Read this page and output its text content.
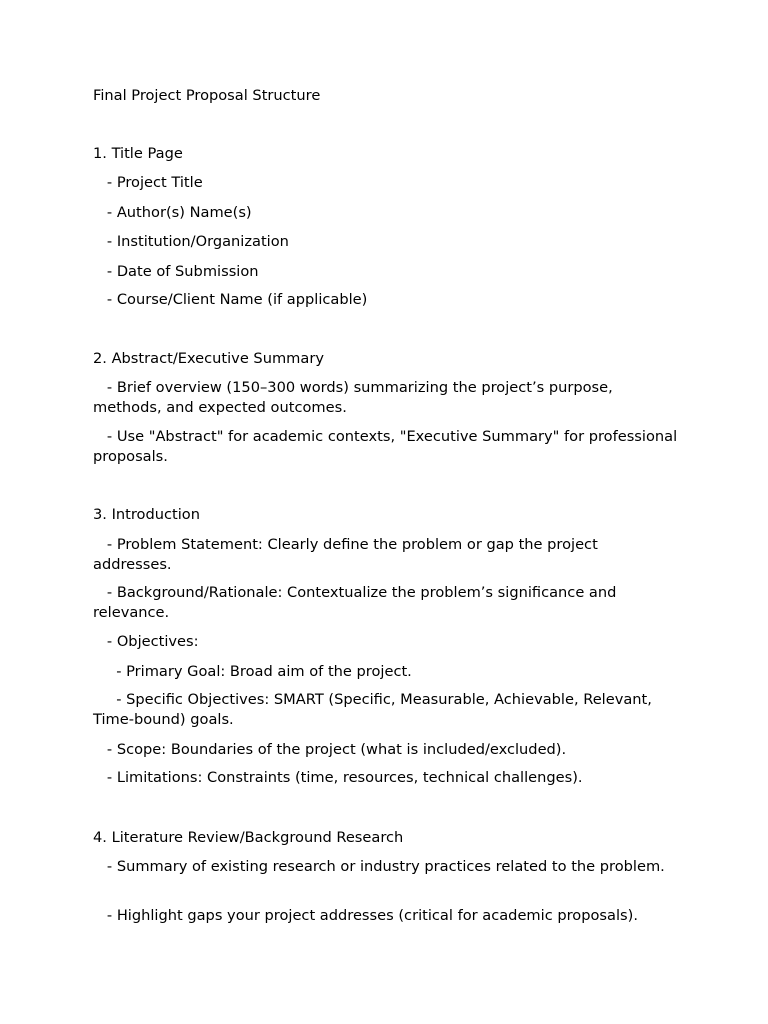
Final Project Proposal Structure
1. Title Page
- Project Title
- Author(s) Name(s)
- Institution/Organization
- Date of Submission
- Course/Client Name (if applicable)
2. Abstract/Executive Summary
- Brief overview (150–300 words) summarizing the project’s purpose, methods, and expected outcomes.
- Use "Abstract" for academic contexts, "Executive Summary" for professional proposals.
3. Introduction
- Problem Statement: Clearly define the problem or gap the project addresses.
- Background/Rationale: Contextualize the problem’s significance and relevance.
- Objectives:
- Primary Goal: Broad aim of the project.
- Specific Objectives: SMART (Specific, Measurable, Achievable, Relevant, Time-bound) goals.
- Scope: Boundaries of the project (what is included/excluded).
- Limitations: Constraints (time, resources, technical challenges).
4. Literature Review/Background Research
- Summary of existing research or industry practices related to the problem.
- Highlight gaps your project addresses (critical for academic proposals).
